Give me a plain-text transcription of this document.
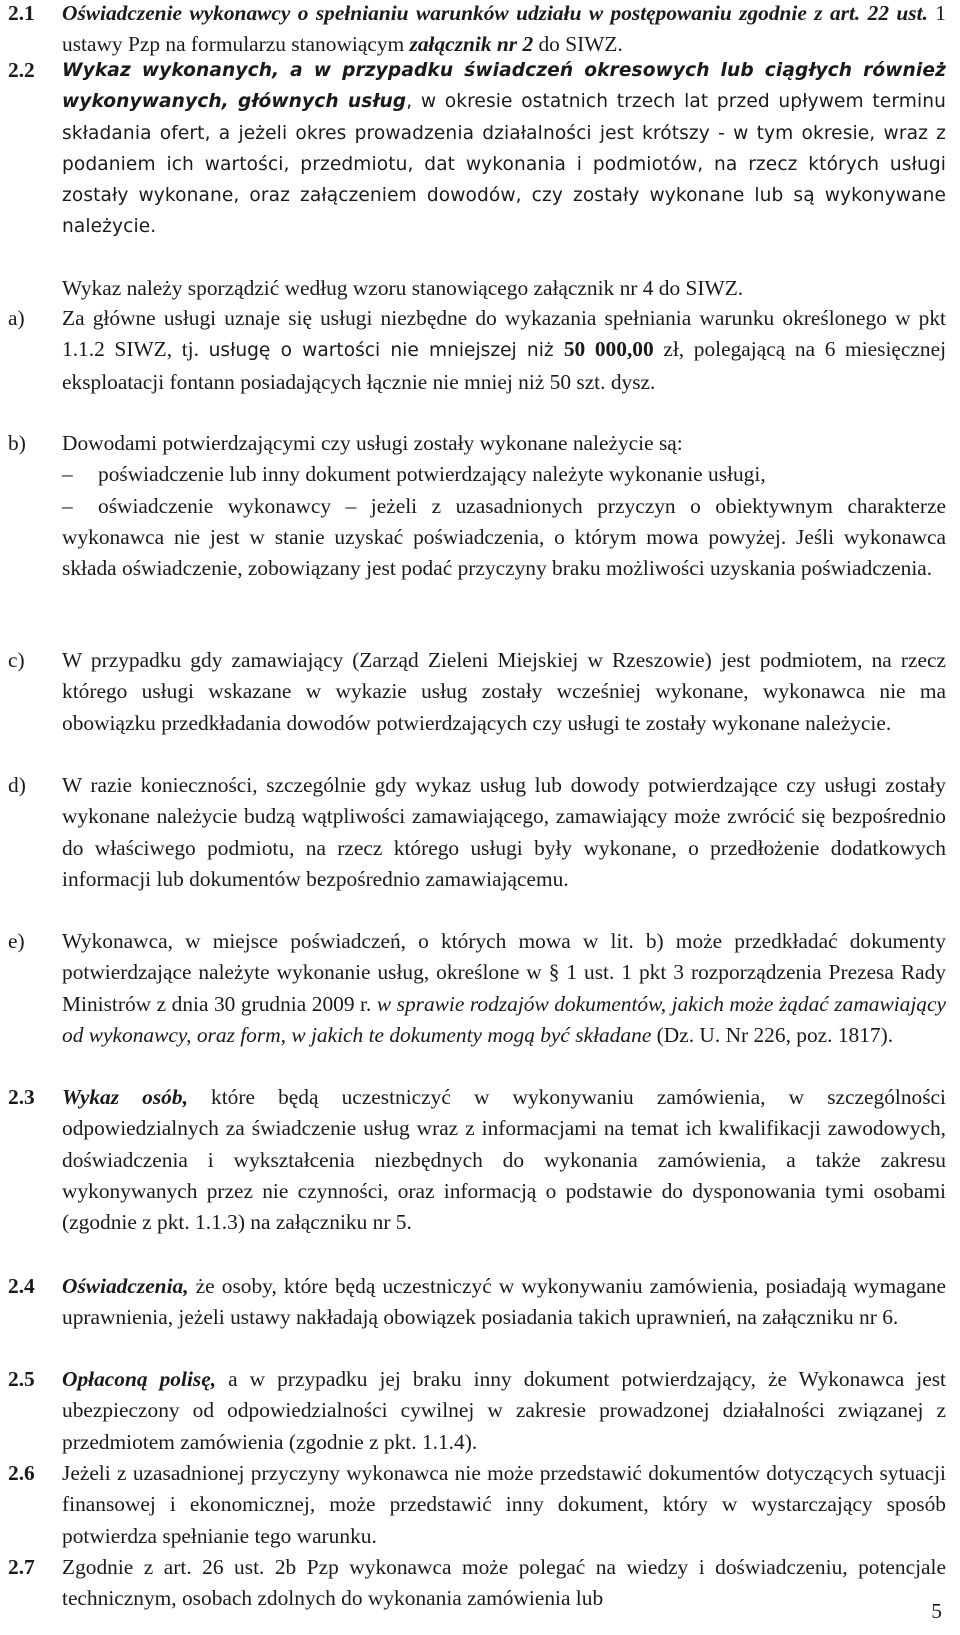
2.1	Oświadczenie wykonawcy o spełnianiu warunków udziału w postępowaniu zgodnie z art. 22 ust. 1 ustawy Pzp na formularzu stanowiącym załącznik nr 2 do SIWZ.
2.2	Wykaz wykonanych, a w przypadku świadczeń okresowych lub ciągłych również wykonywanych, głównych usług, w okresie ostatnich trzech lat przed upływem terminu składania ofert, a jeżeli okres prowadzenia działalności jest krótszy - w tym okresie, wraz z podaniem ich wartości, przedmiotu, dat wykonania i podmiotów, na rzecz których usługi zostały wykonane, oraz załączeniem dowodów, czy zostały wykonane lub są wykonywane należycie.
Wykaz należy sporządzić według wzoru stanowiącego załącznik nr 4 do SIWZ.
a)	Za główne usługi uznaje się usługi niezbędne do wykazania spełniania warunku określonego w pkt 1.1.2 SIWZ, tj. usługę o wartości nie mniejszej niż 50 000,00 zł, polegającą na 6 miesięcznej eksploatacji fontann posiadających łącznie nie mniej niż 50 szt. dysz.
b)	Dowodami potwierdzającymi czy usługi zostały wykonane należycie są:
– poświadczenie lub inny dokument potwierdzający należyte wykonanie usługi,
– oświadczenie wykonawcy – jeżeli z uzasadnionych przyczyn o obiektywnym charakterze wykonawca nie jest w stanie uzyskać poświadczenia, o którym mowa powyżej. Jeśli wykonawca składa oświadczenie, zobowiązany jest podać przyczyny braku możliwości uzyskania poświadczenia.
c)	W przypadku gdy zamawiający (Zarząd Zieleni Miejskiej w Rzeszowie) jest podmiotem, na rzecz którego usługi wskazane w wykazie usług zostały wcześniej wykonane, wykonawca nie ma obowiązku przedkładania dowodów potwierdzających czy usługi te zostały wykonane należycie.
d)	W razie konieczności, szczególnie gdy wykaz usług lub dowody potwierdzające czy usługi zostały wykonane należycie budzą wątpliwości zamawiającego, zamawiający może zwrócić się bezpośrednio do właściwego podmiotu, na rzecz którego usługi były wykonane, o przedłożenie dodatkowych informacji lub dokumentów bezpośrednio zamawiającemu.
e)	Wykonawca, w miejsce poświadczeń, o których mowa w lit. b) może przedkładać dokumenty potwierdzające należyte wykonanie usług, określone w § 1 ust. 1 pkt 3 rozporządzenia Prezesa Rady Ministrów z dnia 30 grudnia 2009 r. w sprawie rodzajów dokumentów, jakich może żądać zamawiający od wykonawcy, oraz form, w jakich te dokumenty mogą być składane (Dz. U. Nr 226, poz. 1817).
2.3	Wykaz osób, które będą uczestniczyć w wykonywaniu zamówienia, w szczególności odpowiedzialnych za świadczenie usług wraz z informacjami na temat ich kwalifikacji zawodowych, doświadczenia i wykształcenia niezbędnych do wykonania zamówienia, a także zakresu wykonywanych przez nie czynności, oraz informacją o podstawie do dysponowania tymi osobami (zgodnie z pkt. 1.1.3) na załączniku nr 5.
2.4	Oświadczenia, że osoby, które będą uczestniczyć w wykonywaniu zamówienia, posiadają wymagane uprawnienia, jeżeli ustawy nakładają obowiązek posiadania takich uprawnień, na załączniku nr 6.
2.5	Opłaconą polisę, a w przypadku jej braku inny dokument potwierdzający, że Wykonawca jest ubezpieczony od odpowiedzialności cywilnej w zakresie prowadzonej działalności związanej z przedmiotem zamówienia (zgodnie z pkt. 1.1.4).
2.6	Jeżeli z uzasadnionej przyczyny wykonawca nie może przedstawić dokumentów dotyczących sytuacji finansowej i ekonomicznej, może przedstawić inny dokument, który w wystarczający sposób potwierdza spełnianie tego warunku.
2.7	Zgodnie z art. 26 ust. 2b Pzp wykonawca może polegać na wiedzy i doświadczeniu, potencjale technicznym, osobach zdolnych do wykonania zamówienia lub
5
